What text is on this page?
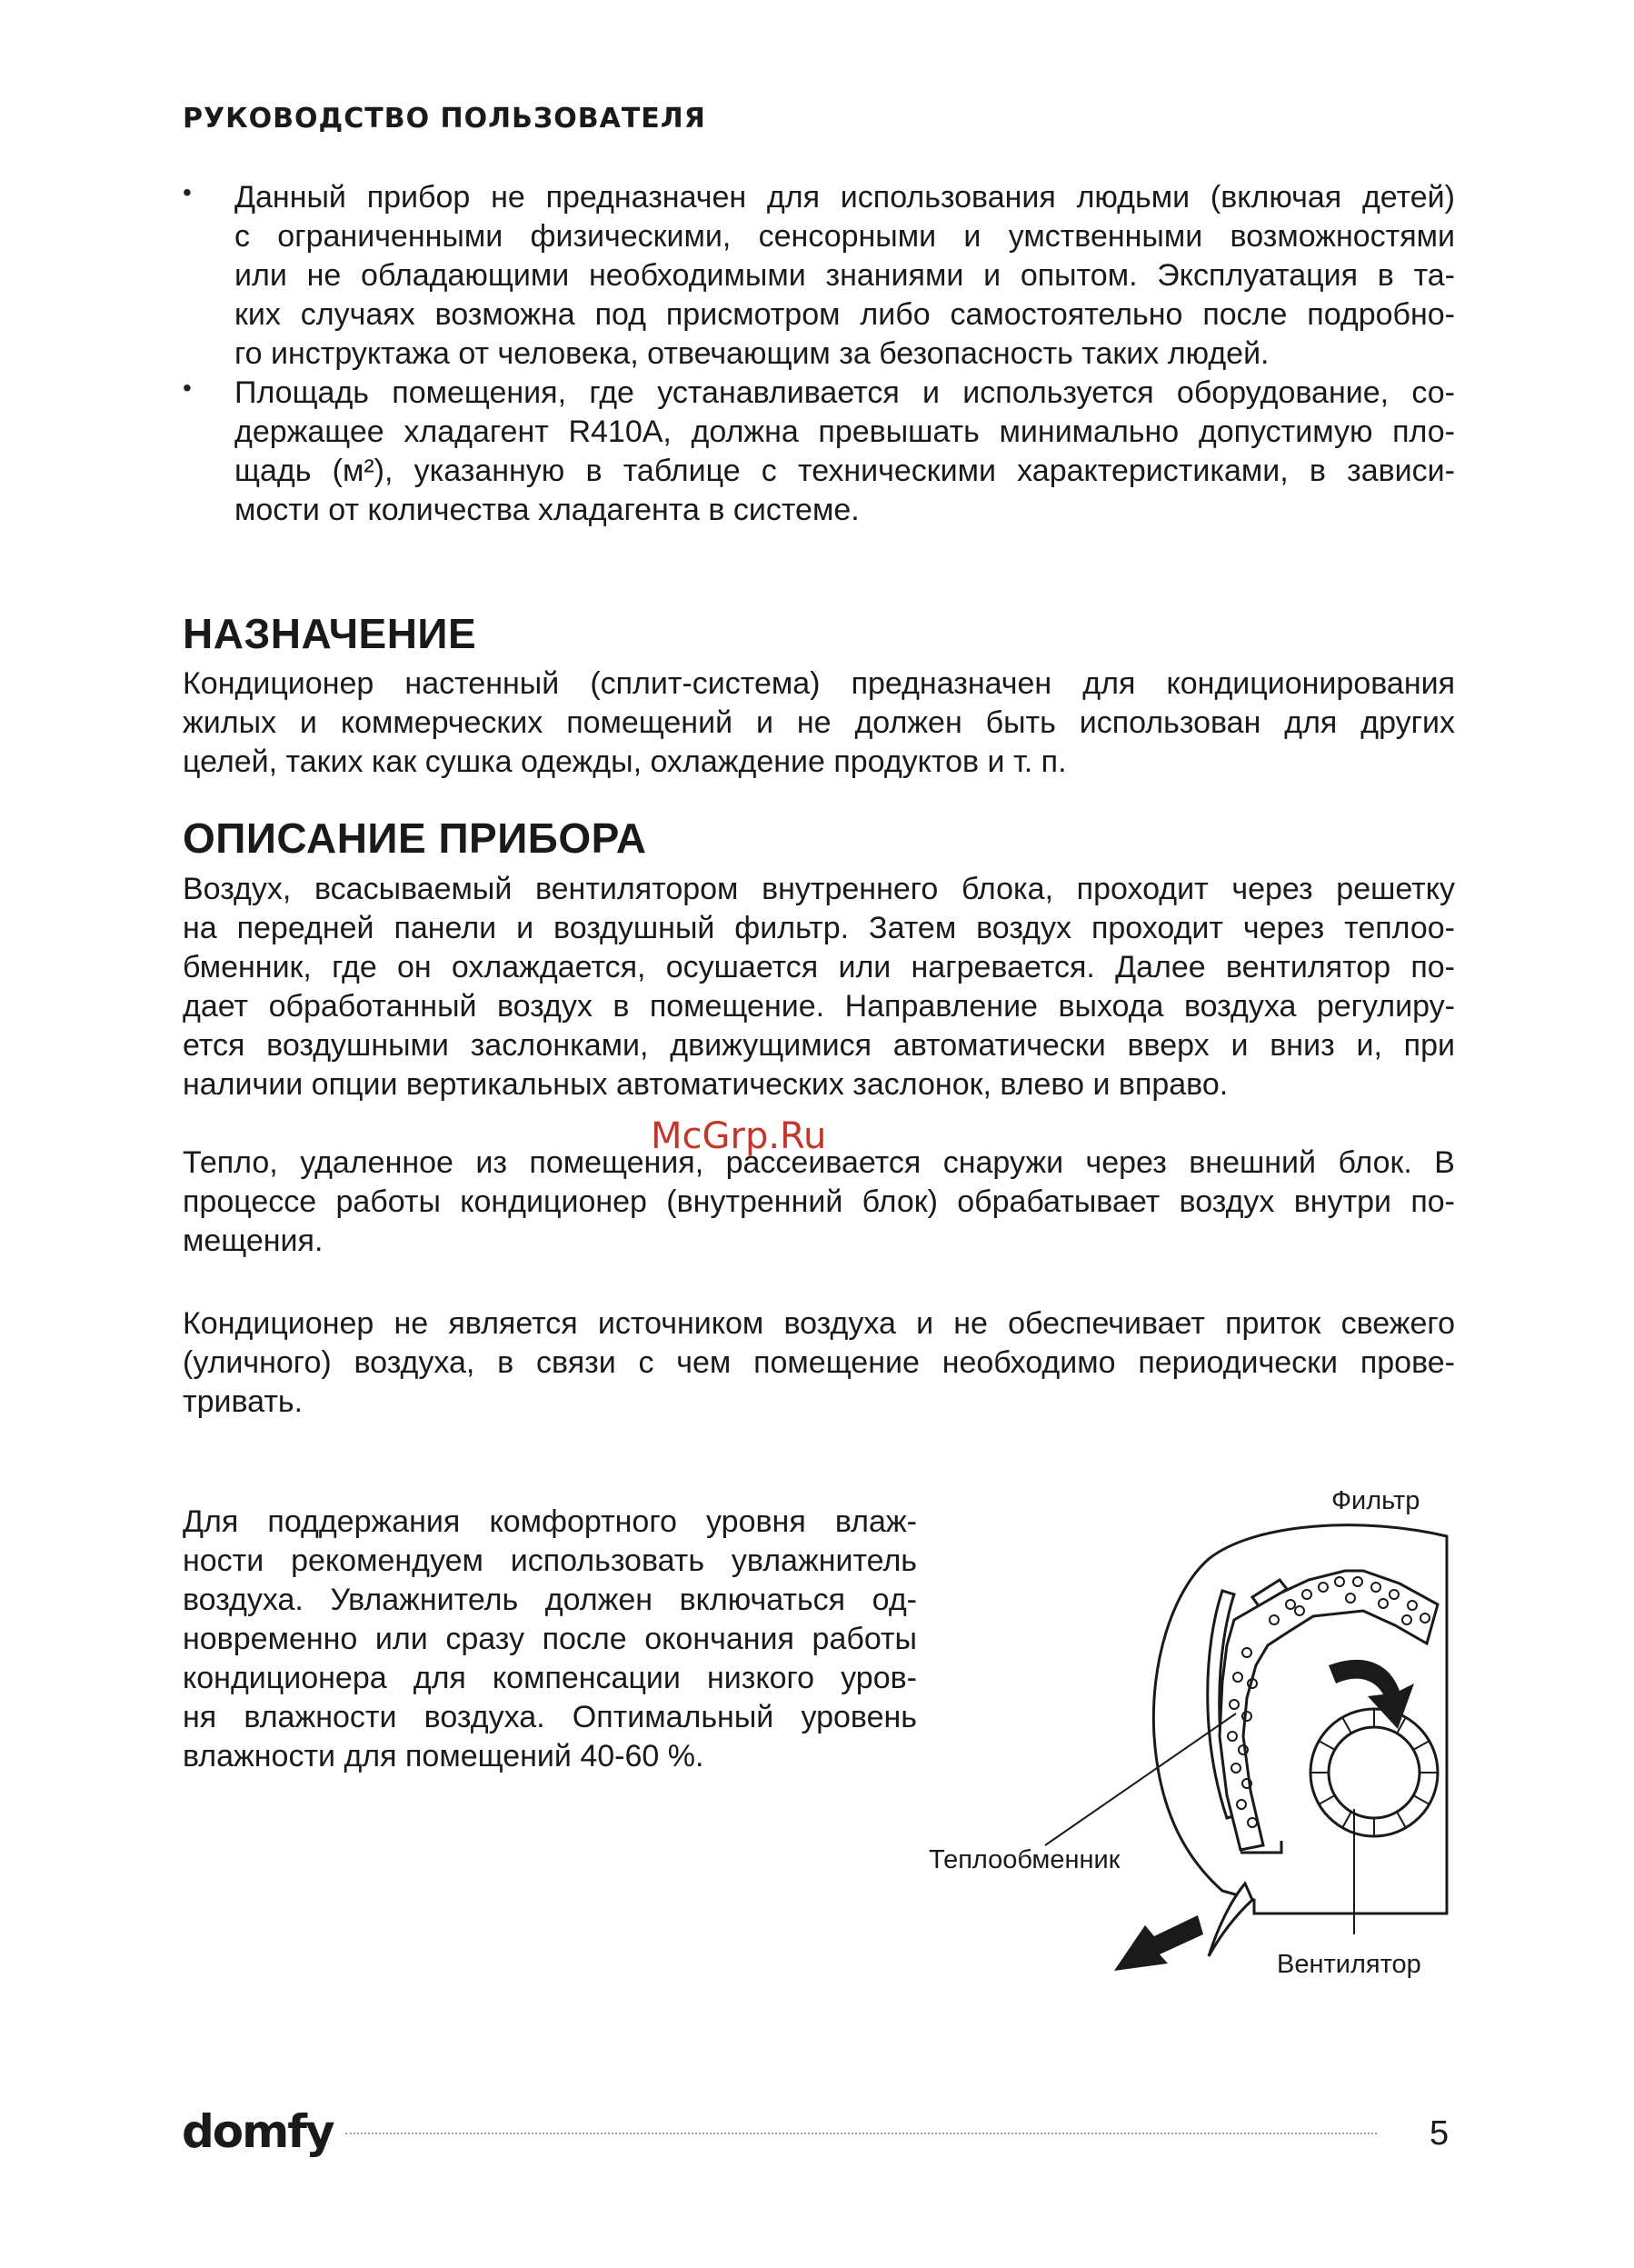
РУКОВОДСТВО ПОЛЬЗОВАТЕЛЯ
• Данный прибор не предназначен для использования людьми (включая детей)
с ограниченными физическими, сенсорными и умственными возможностями
или не обладающими необходимыми знаниями и опытом. Эксплуатация в та-
ких случаях возможна под присмотром либо самостоятельно после подробно-
го инструктажа от человека, отвечающим за безопасность таких людей.
• Площадь помещения, где устанавливается и используется оборудование, со-
держащее хладагент R410A, должна превышать минимально допустимую пло-
щадь (м²), указанную в таблице с техническими характеристиками, в зависи-
мости от количества хладагента в системе.
НАЗНАЧЕНИЕ
Кондиционер настенный (сплит-система) предназначен для кондиционирования
жилых и коммерческих помещений и не должен быть использован для других
целей, таких как сушка одежды, охлаждение продуктов и т. п.
ОПИСАНИЕ ПРИБОРА
Воздух, всасываемый вентилятором внутреннего блока, проходит через решетку
на передней панели и воздушный фильтр. Затем воздух проходит через теплоо-
бменник, где он охлаждается, осушается или нагревается. Далее вентилятор по-
дает обработанный воздух в помещение. Направление выхода воздуха регулиру-
ется воздушными заслонками, движущимися автоматически вверх и вниз и, при
наличии опции вертикальных автоматических заслонок, влево и вправо.
McGrp.Ru
Тепло, удаленное из помещения, рассеивается снаружи через внешний блок. В
процессе работы кондиционер (внутренний блок) обрабатывает воздух внутри по-
мещения.
Кондиционер не является источником воздуха и не обеспечивает приток свежего
(уличного) воздуха, в связи с чем помещение необходимо периодически прове-
тривать.
Для поддержания комфортного уровня влаж-
ности рекомендуем использовать увлажнитель
воздуха. Увлажнитель должен включаться од-
новременно или сразу после окончания работы
кондиционера для компенсации низкого уров-
ня влажности воздуха. Оптимальный уровень
влажности для помещений 40-60 %.
Фильтр
Теплообменник
Вентилятор
domfy	5
